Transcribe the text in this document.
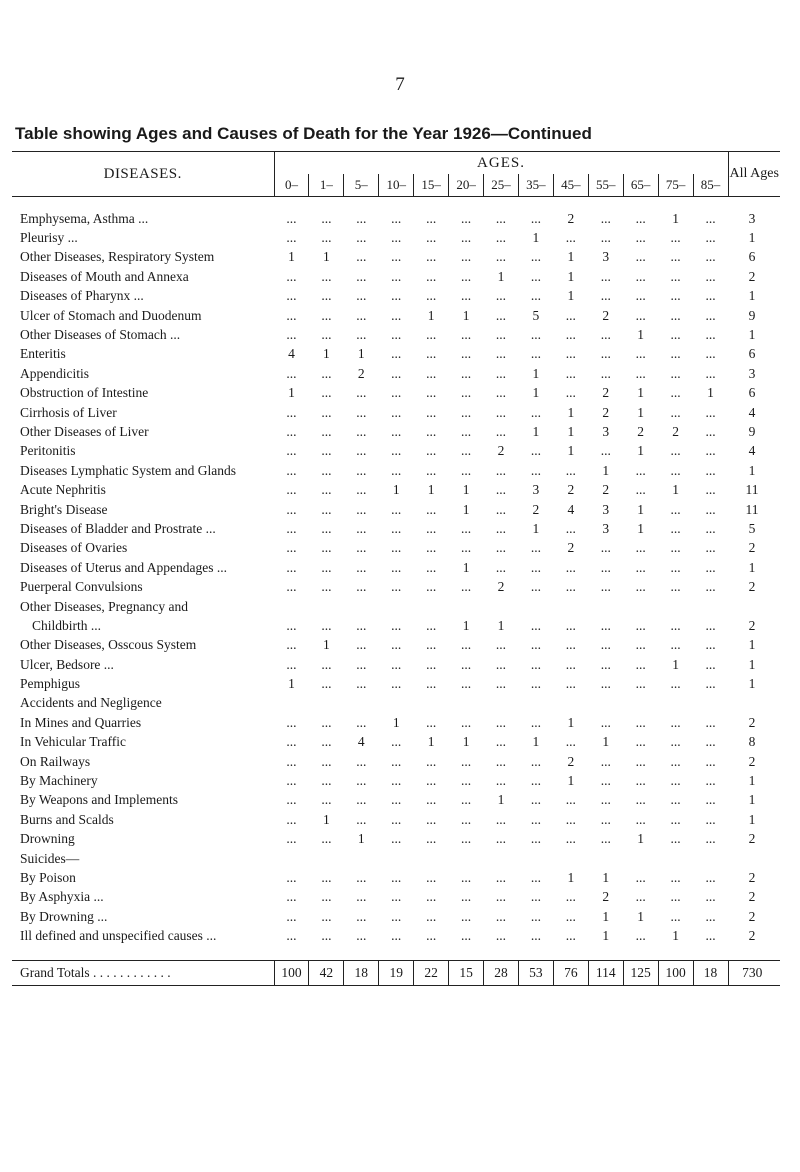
7
Table showing Ages and Causes of Death for the Year 1926—Continued
DISEASES.	AGES.													All Ages
	0–	1–	5–	10–	15–	20–	25–	35–	45–	55–	65–	75–	85–	

Emphysema, Asthma ...	...	...	...	...	...	...	...	...	2	...	...	1	...	3
Pleurisy ...	...	...	...	...	...	...	...	1	...	...	...	...	...	1
Other Diseases, Respiratory System	1	1	...	...	...	...	...	...	1	3	...	...	...	6
Diseases of Mouth and Annexa	...	...	...	...	...	...	1	...	1	...	...	...	...	2
Diseases of Pharynx ...	...	...	...	...	...	...	...	...	1	...	...	...	...	1
Ulcer of Stomach and Duodenum	...	...	...	...	1	1	...	5	...	2	...	...	...	9
Other Diseases of Stomach ...	...	...	...	...	...	...	...	...	...	...	1	...	...	1
Enteritis	4	1	1	...	...	...	...	...	...	...	...	...	...	6
Appendicitis	...	...	2	...	...	...	...	1	...	...	...	...	...	3
Obstruction of Intestine	1	...	...	...	...	...	...	1	...	2	1	...	1	6
Cirrhosis of Liver	...	...	...	...	...	...	...	...	1	2	1	...	...	4
Other Diseases of Liver	...	...	...	...	...	...	...	1	1	3	2	2	...	9
Peritonitis	...	...	...	...	...	...	2	...	1	...	1	...	...	4
Diseases Lymphatic System and Glands	...	...	...	...	...	...	...	...	...	1	...	...	...	1
Acute Nephritis	...	...	...	1	1	1	...	3	2	2	...	1	...	11
Bright's Disease	...	...	...	...	...	1	...	2	4	3	1	...	...	11
Diseases of Bladder and Prostrate ...	...	...	...	...	...	...	...	1	...	3	1	...	...	5
Diseases of Ovaries	...	...	...	...	...	...	...	...	2	...	...	...	...	2
Diseases of Uterus and Appendages ...	...	...	...	...	...	1	...	...	...	...	...	...	...	1
Puerperal Convulsions	...	...	...	...	...	...	2	...	...	...	...	...	...	2
Other Diseases, Pregnancy and														
Childbirth ...	...	...	...	...	...	1	1	...	...	...	...	...	...	2
Other Diseases, Osscous System	...	1	...	...	...	...	...	...	...	...	...	...	...	1
Ulcer, Bedsore ...	...	...	...	...	...	...	...	...	...	...	...	1	...	1
Pemphigus	1	...	...	...	...	...	...	...	...	...	...	...	...	1
Accidents and Negligence														
In Mines and Quarries	...	...	...	1	...	...	...	...	1	...	...	...	...	2
In Vehicular Traffic	...	...	4	...	1	1	...	1	...	1	...	...	...	8
On Railways	...	...	...	...	...	...	...	...	2	...	...	...	...	2
By Machinery	...	...	...	...	...	...	...	...	1	...	...	...	...	1
By Weapons and Implements	...	...	...	...	...	...	1	...	...	...	...	...	...	1
Burns and Scalds	...	1	...	...	...	...	...	...	...	...	...	...	...	1
Drowning	...	...	1	...	...	...	...	...	...	...	1	...	...	2
Suicides—														
By Poison	...	...	...	...	...	...	...	...	1	1	...	...	...	2
By Asphyxia ...	...	...	...	...	...	...	...	...	...	2	...	...	...	2
By Drowning ...	...	...	...	...	...	...	...	...	...	1	1	...	...	2
Ill defined and unspecified causes ...	...	...	...	...	...	...	...	...	...	1	...	1	...	2

Grand Totals . . . . . . . . . . . .	100	42	18	19	22	15	28	53	76	114	125	100	18	730
